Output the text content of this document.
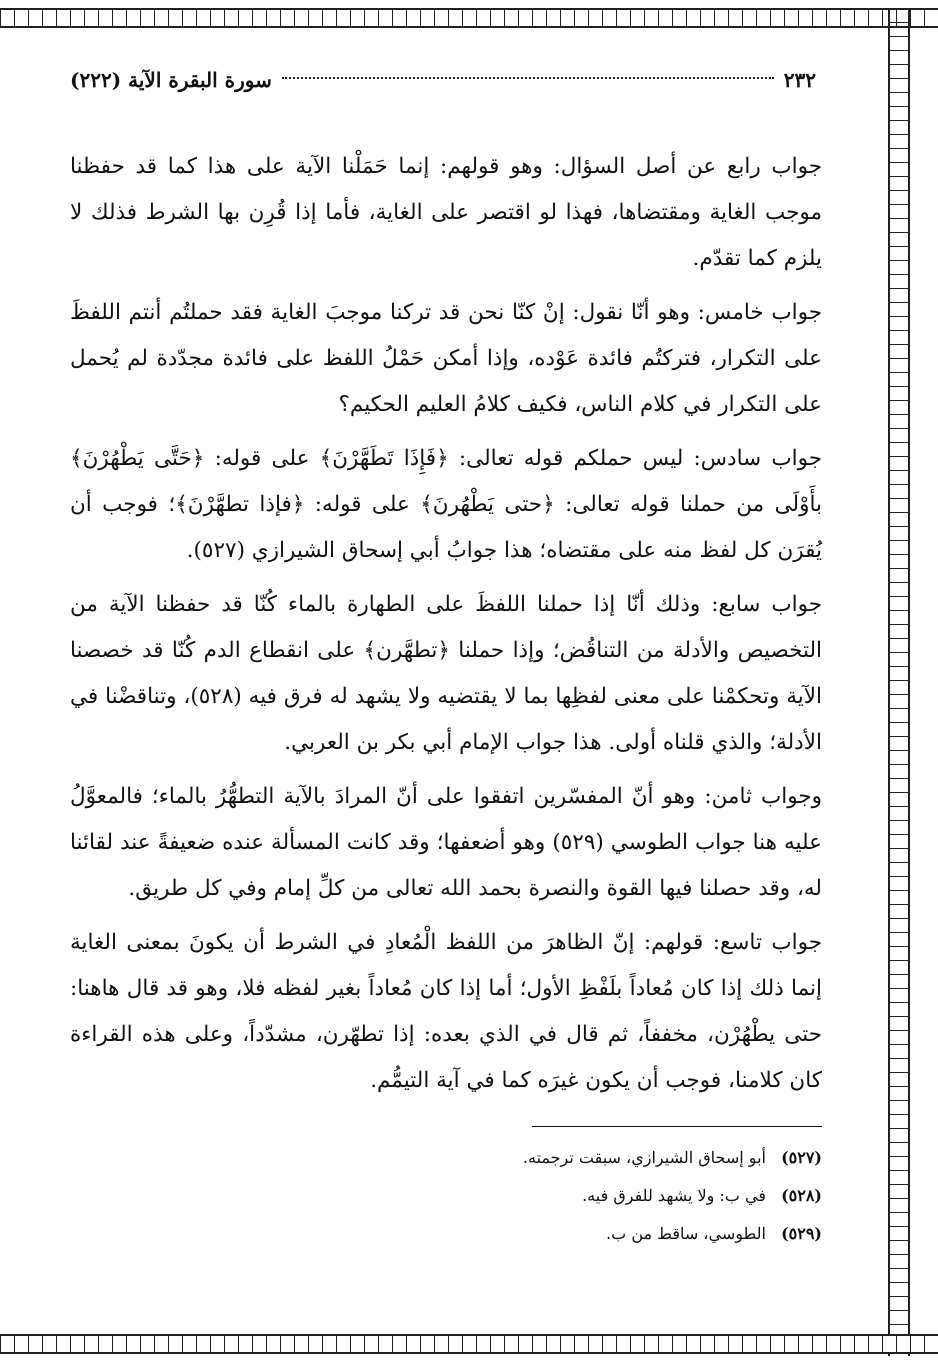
٢٣٢
سورة البقرة الآية (٢٢٢)

جواب رابع عن أصل السؤال: وهو قولهم: إنما حَمَلْنا الآية على هذا كما قد حفظنا موجب الغاية ومقتضاها، فهذا لو اقتصر على الغاية، فأما إذا قُرِن بها الشرط فذلك لا يلزم كما تقدّم.

جواب خامس: وهو أنّا نقول: إنْ كنّا نحن قد تركنا موجبَ الغاية فقد حملتُم أنتم اللفظَ على التكرار، فتركتُم فائدة عَوْده، وإذا أمكن حَمْلُ اللفظ على فائدة مجدّدة لم يُحمل على التكرار في كلام الناس، فكيف كلامُ العليم الحكيم؟

جواب سادس: ليس حملكم قوله تعالى: ﴿فَإِذَا تَطَهَّرْنَ﴾ على قوله: ﴿حَتَّى يَطْهُرْنَ﴾ بأَوْلَى من حملنا قوله تعالى: ﴿حتى يَطْهُرنَ﴾ على قوله: ﴿فإذا تطهَّرْنَ﴾؛ فوجب أن يُقرَن كل لفظ منه على مقتضاه؛ هذا جوابُ أبي إسحاق الشيرازي (٥٢٧).

جواب سابع: وذلك أنّا إذا حملنا اللفظَ على الطهارة بالماء كُنّا قد حفظنا الآية من التخصيص والأدلة من التناقُض؛ وإذا حملنا ﴿تطهَّرن﴾ على انقطاع الدم كُنّا قد خصصنا الآية وتحكمْنا على معنى لفظِها بما لا يقتضيه ولا يشهد له فرق فيه (٥٢٨)، وتناقضْنا في الأدلة؛ والذي قلناه أولى. هذا جواب الإمام أبي بكر بن العربي.

وجواب ثامن: وهو أنّ المفسّرين اتفقوا على أنّ المرادَ بالآية التطهُّرُ بالماء؛ فالمعوَّلُ عليه هنا جواب الطوسي (٥٢٩) وهو أضعفها؛ وقد كانت المسألة عنده ضعيفةً عند لقائنا له، وقد حصلنا فيها القوة والنصرة بحمد الله تعالى من كلِّ إمام وفي كل طريق.

جواب تاسع: قولهم: إنّ الظاهرَ من اللفظ الْمُعادِ في الشرط أن يكونَ بمعنى الغاية إنما ذلك إذا كان مُعاداً بلَفْظِ الأول؛ أما إذا كان مُعاداً بغير لفظه فلا، وهو قد قال هاهنا: حتى يطْهُرْن، مخففاً، ثم قال في الذي بعده: إذا تطهّرن، مشدّداً، وعلى هذه القراءة كان كلامنا، فوجب أن يكون غيرَه كما في آية التيمُّم.

(٥٢٧) أبو إسحاق الشيرازي، سبقت ترجمته.
(٥٢٨) في ب: ولا يشهد للفرق فيه.
(٥٢٩) الطوسي، ساقط من ب.
